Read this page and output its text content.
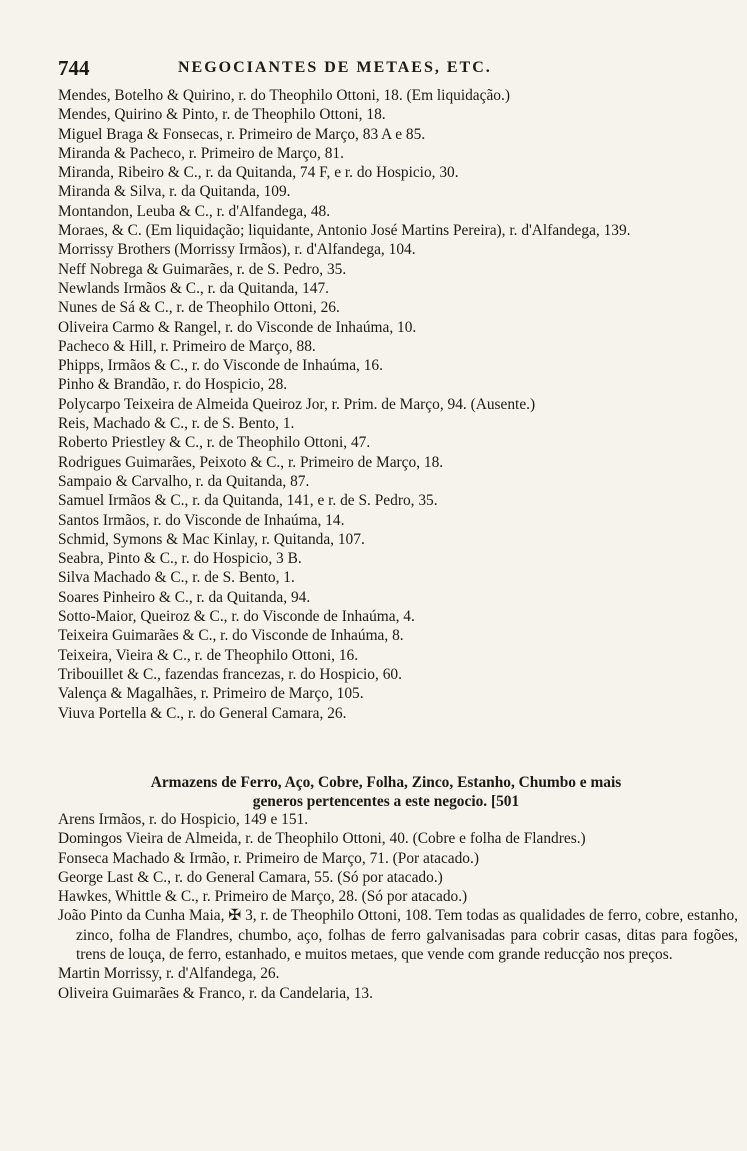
744	NEGOCIANTES DE METAES, ETC.
Mendes, Botelho & Quirino, r. do Theophilo Ottoni, 18. (Em liquidação.)
Mendes, Quirino & Pinto, r. de Theophilo Ottoni, 18.
Miguel Braga & Fonsecas, r. Primeiro de Março, 83 A e 85.
Miranda & Pacheco, r. Primeiro de Março, 81.
Miranda, Ribeiro & C., r. da Quitanda, 74 F, e r. do Hospicio, 30.
Miranda & Silva, r. da Quitanda, 109.
Montandon, Leuba & C., r. d'Alfandega, 48.
Moraes, & C. (Em liquidação; liquidante, Antonio José Martins Pereira), r. d'Alfandega, 139.
Morrissy Brothers (Morrissy Irmãos), r. d'Alfandega, 104.
Neff Nobrega & Guimarães, r. de S. Pedro, 35.
Newlands Irmãos & C., r. da Quitanda, 147.
Nunes de Sá & C., r. de Theophilo Ottoni, 26.
Oliveira Carmo & Rangel, r. do Visconde de Inhaúma, 10.
Pacheco & Hill, r. Primeiro de Março, 88.
Phipps, Irmãos & C., r. do Visconde de Inhaúma, 16.
Pinho & Brandão, r. do Hospicio, 28.
Polycarpo Teixeira de Almeida Queiroz Jor, r. Prim. de Março, 94. (Ausente.)
Reis, Machado & C., r. de S. Bento, 1.
Roberto Priestley & C., r. de Theophilo Ottoni, 47.
Rodrigues Guimarães, Peixoto & C., r. Primeiro de Março, 18.
Sampaio & Carvalho, r. da Quitanda, 87.
Samuel Irmãos & C., r. da Quitanda, 141, e r. de S. Pedro, 35.
Santos Irmãos, r. do Visconde de Inhaúma, 14.
Schmid, Symons & Mac Kinlay, r. Quitanda, 107.
Seabra, Pinto & C., r. do Hospicio, 3 B.
Silva Machado & C., r. de S. Bento, 1.
Soares Pinheiro & C., r. da Quitanda, 94.
Sotto-Maior, Queiroz & C., r. do Visconde de Inhaúma, 4.
Teixeira Guimarães & C., r. do Visconde de Inhaúma, 8.
Teixeira, Vieira & C., r. de Theophilo Ottoni, 16.
Tribouillet & C., fazendas francezas, r. do Hospicio, 60.
Valença & Magalhães, r. Primeiro de Março, 105.
Viuva Portella & C., r. do General Camara, 26.
Armazens de Ferro, Aço, Cobre, Folha, Zinco, Estanho, Chumbo e mais
generos pertencentes a este negocio. [501
Arens Irmãos, r. do Hospicio, 149 e 151.
Domingos Vieira de Almeida, r. de Theophilo Ottoni, 40. (Cobre e folha de Flandres.)
Fonseca Machado & Irmão, r. Primeiro de Março, 71. (Por atacado.)
George Last & C., r. do General Camara, 55. (Só por atacado.)
Hawkes, Whittle & C., r. Primeiro de Março, 28. (Só por atacado.)
João Pinto da Cunha Maia, ✠ 3, r. de Theophilo Ottoni, 108. Tem todas as qualidades de ferro, cobre, estanho, zinco, folha de Flandres, chumbo, aço, folhas de ferro galvanisadas para cobrir casas, ditas para fogões, trens de louça, de ferro, estanhado, e muitos metaes, que vende com grande reducção nos preços.
Martin Morrissy, r. d'Alfandega, 26.
Oliveira Guimarães & Franco, r. da Candelaria, 13.
